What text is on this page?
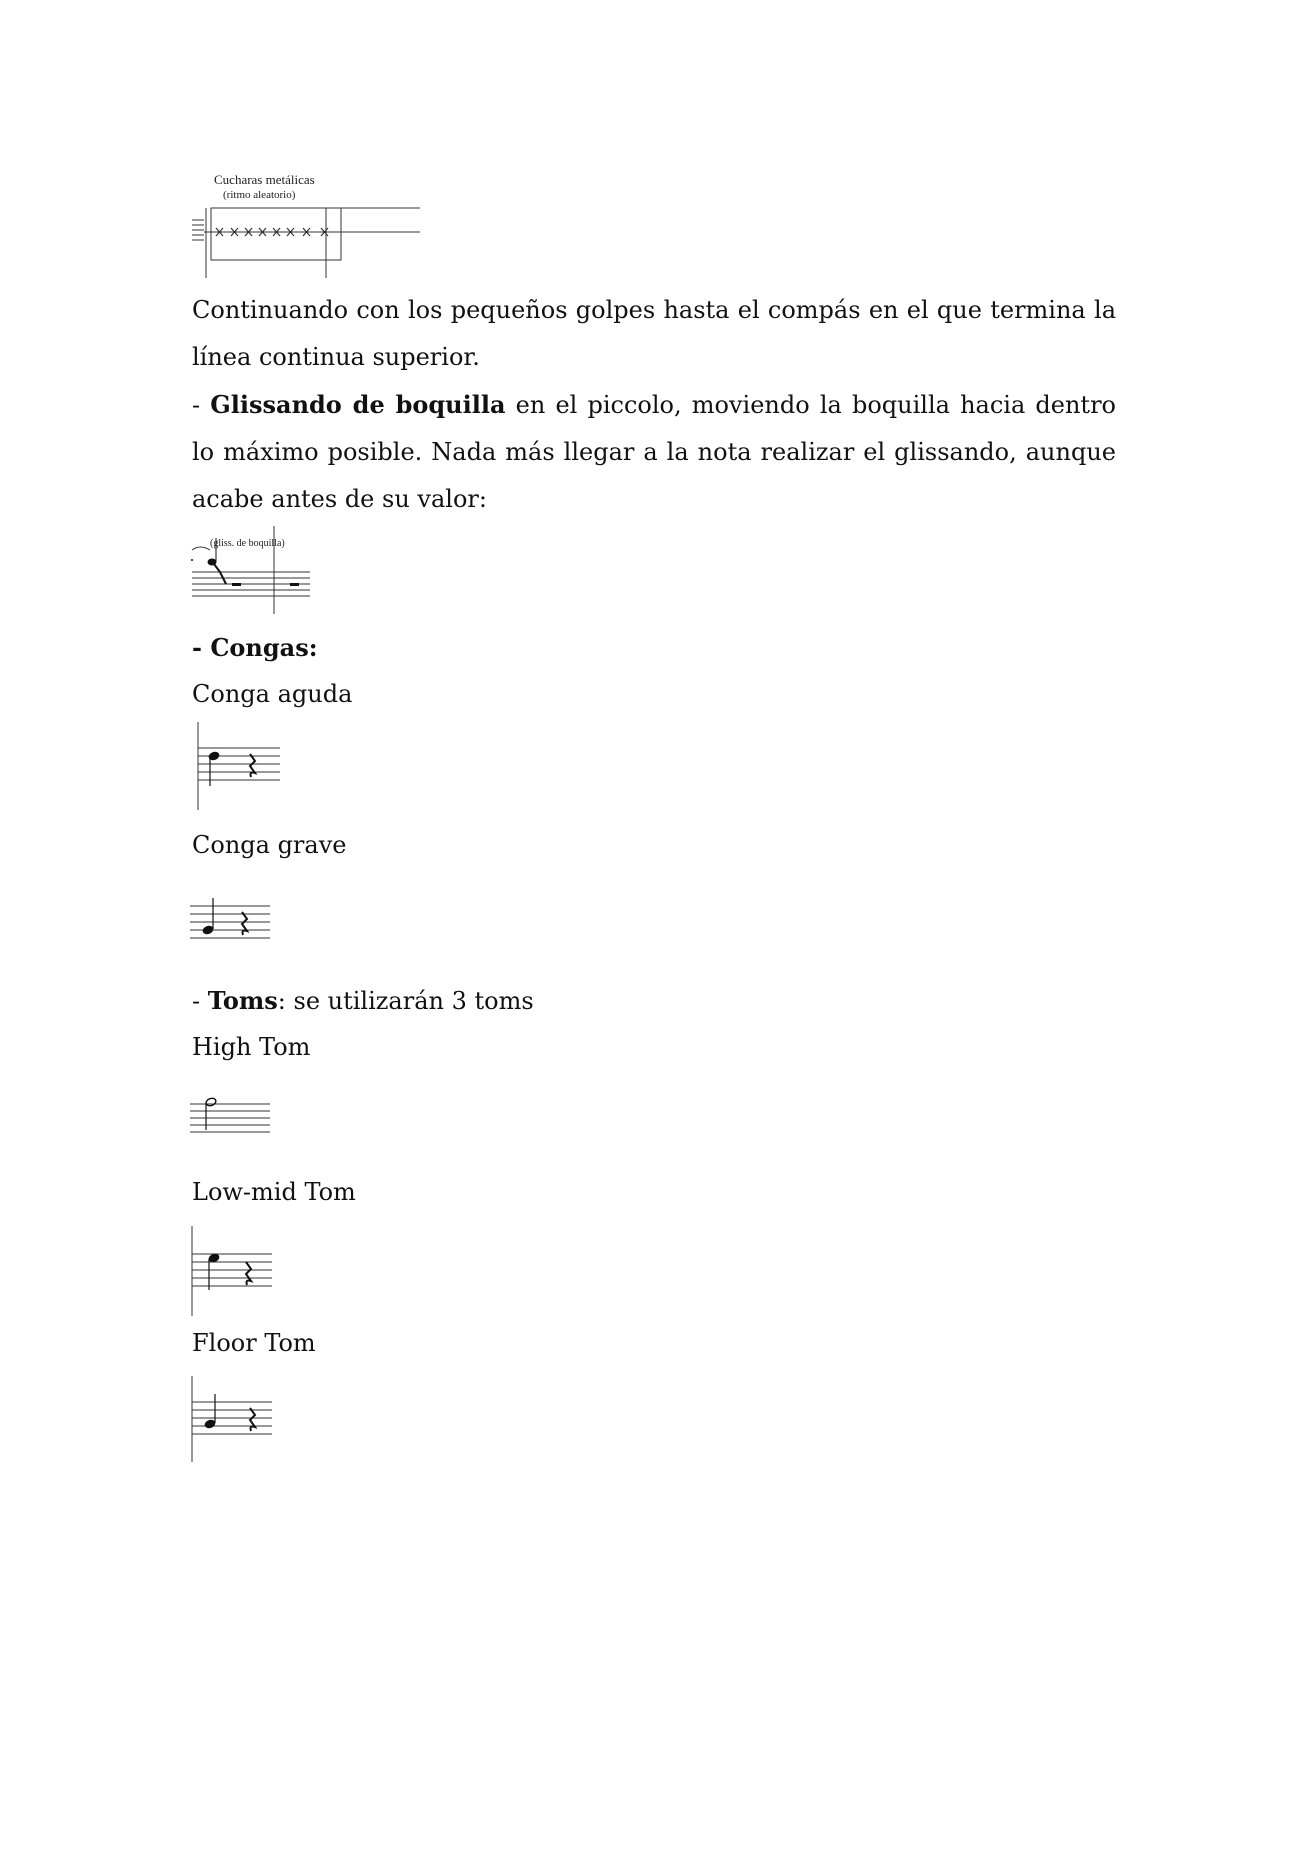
Cucharas metálicas
(ritmo aleatorio)
Continuando con los pequeños golpes hasta el compás en el que termina la línea continua superior.
- Glissando de boquilla en el piccolo, moviendo la boquilla hacia dentro lo máximo posible. Nada más llegar a la nota realizar el glissando, aunque acabe antes de su valor:
(gliss. de boquilla)
- Congas:
Conga aguda
Conga grave
- Toms: se utilizarán 3 toms
High Tom
Low-mid Tom
Floor Tom
